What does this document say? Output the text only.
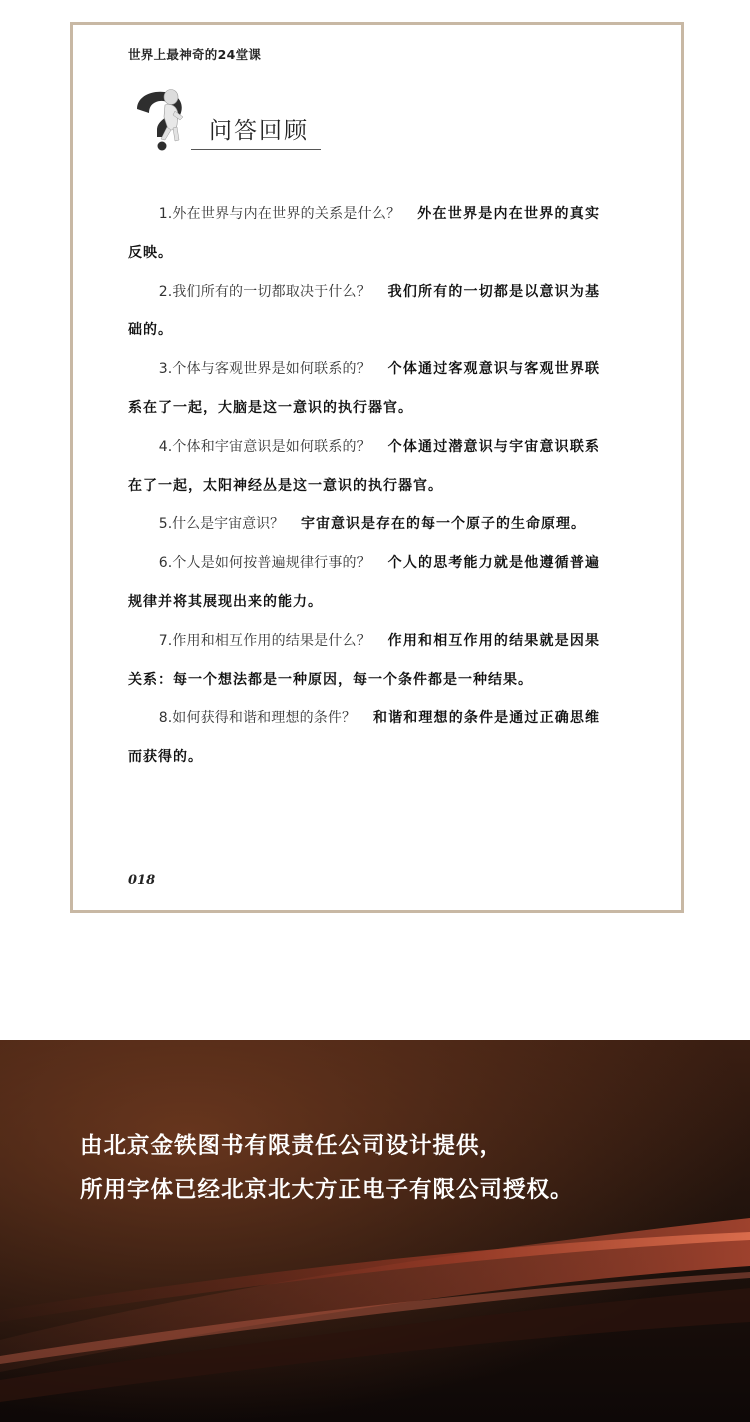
世界上最神奇的24堂课
问答回顾

1.外在世界与内在世界的关系是什么？ 外在世界是内在世界的真实反映。

2.我们所有的一切都取决于什么？ 我们所有的一切都是以意识为基础的。

3.个体与客观世界是如何联系的？ 个体通过客观意识与客观世界联系在了一起，大脑是这一意识的执行器官。

4.个体和宇宙意识是如何联系的？ 个体通过潜意识与宇宙意识联系在了一起，太阳神经丛是这一意识的执行器官。

5.什么是宇宙意识？ 宇宙意识是存在的每一个原子的生命原理。

6.个人是如何按普遍规律行事的？ 个人的思考能力就是他遵循普遍规律并将其展现出来的能力。

7.作用和相互作用的结果是什么？ 作用和相互作用的结果就是因果关系：每一个想法都是一种原因，每一个条件都是一种结果。

8.如何获得和谐和理想的条件？ 和谐和理想的条件是通过正确思维而获得的。

018
由北京金铁图书有限责任公司设计提供，
所用字体已经北京北大方正电子有限公司授权。
